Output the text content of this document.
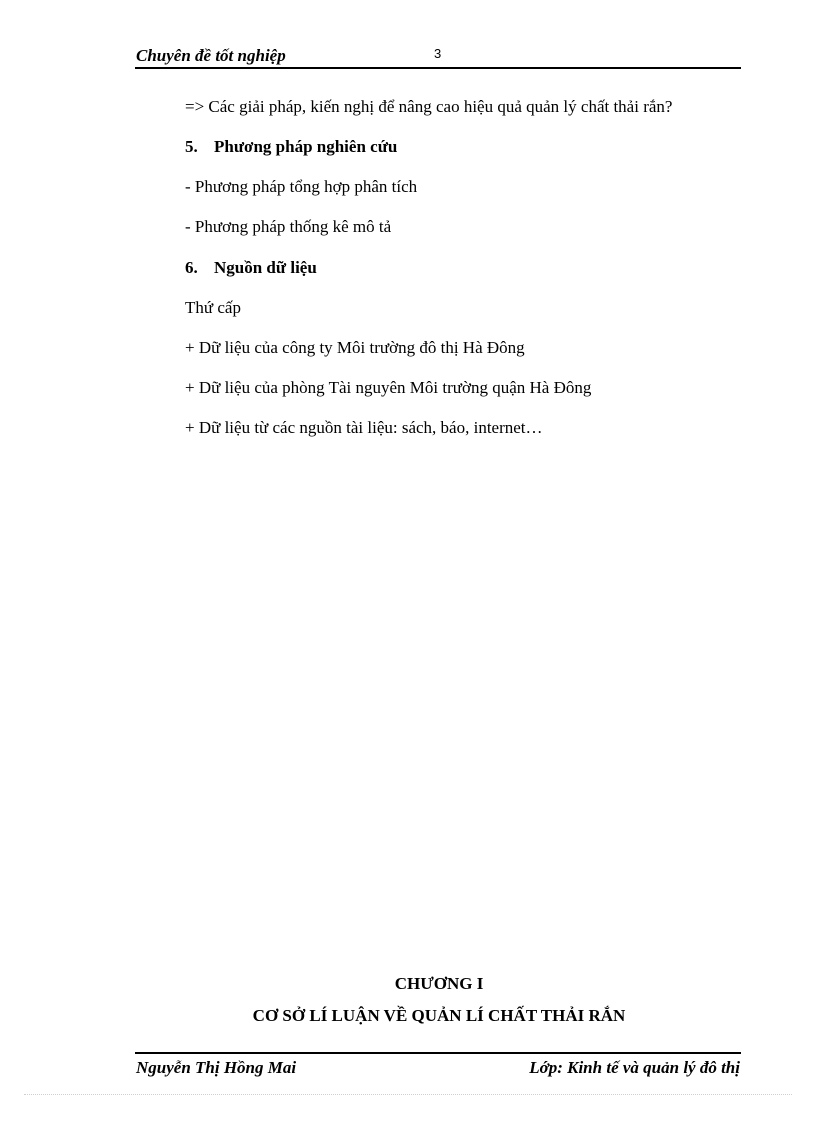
Chuyên đề tốt nghiệp	3
=> Các giải pháp, kiến nghị để nâng cao hiệu quả quản lý chất thải rắn?
5. Phương pháp nghiên cứu
- Phương pháp tổng hợp phân tích
- Phương pháp thống kê mô tả
6. Nguồn dữ liệu
Thứ cấp
+ Dữ liệu của công ty Môi trường đô thị Hà Đông
+ Dữ liệu của phòng Tài nguyên Môi trường quận Hà Đông
+ Dữ liệu từ các nguồn tài liệu: sách, báo, internet…
CHƯƠNG I
CƠ SỞ LÍ LUẬN VỀ QUẢN LÍ CHẤT THẢI RẮN
Nguyễn Thị Hồng Mai	Lớp: Kinh tế và quản lý đô thị
